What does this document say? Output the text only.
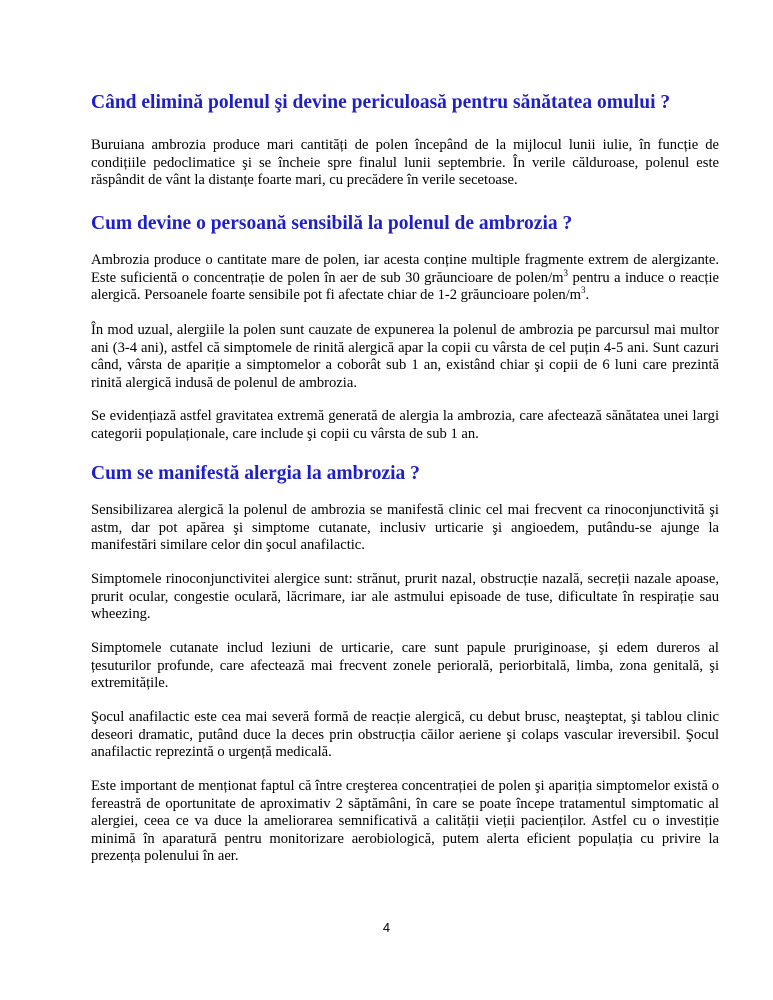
Când elimină polenul şi devine periculoasă pentru sănătatea omului ?

Buruiana ambrozia produce mari cantități de polen începând de la mijlocul lunii iulie, în funcție de condițiile pedoclimatice şi se încheie spre finalul lunii septembrie. În verile călduroase, polenul este răspândit de vânt la distanțe foarte mari, cu precădere în verile secetoase.

Cum devine o persoană sensibilă la polenul de ambrozia ?

Ambrozia produce o cantitate mare de polen, iar acesta conține multiple fragmente extrem de alergizante. Este suficientă o concentrație de polen în aer de sub 30 grăuncioare de polen/$m^3$ pentru a induce o reacție alergică. Persoanele foarte sensibile pot fi afectate chiar de 1-2 grăuncioare polen/$m^3$.

În mod uzual, alergiile la polen sunt cauzate de expunerea la polenul de ambrozia pe parcursul mai multor ani (3-4 ani), astfel că simptomele de rinită alergică apar la copii cu vârsta de cel puțin 4-5 ani. Sunt cazuri când, vârsta de apariție a simptomelor a coborât sub 1 an, existând chiar şi copii de 6 luni care prezintă rinită alergică indusă de polenul de ambrozia.

Se evidențiază astfel gravitatea extremă generată de alergia la ambrozia, care afectează sănătatea unei largi categorii populaționale, care include şi copii cu vârsta de sub 1 an.

Cum se manifestă alergia la ambrozia ?

Sensibilizarea alergică la polenul de ambrozia se manifestă clinic cel mai frecvent ca rinoconjunctivită şi astm, dar pot apărea şi simptome cutanate, inclusiv urticarie şi angioedem, putându-se ajunge la manifestări similare celor din şocul anafilactic.

Simptomele rinoconjunctivitei alergice sunt: strănut, prurit nazal, obstrucție nazală, secreții nazale apoase, prurit ocular, congestie oculară, lăcrimare, iar ale astmului episoade de tuse, dificultate în respirație sau wheezing.

Simptomele cutanate includ leziuni de urticarie, care sunt papule pruriginoase, şi edem dureros al țesuturilor profunde, care afectează mai frecvent zonele periorală, periorbitală, limba, zona genitală, şi extremitățile.

Şocul anafilactic este cea mai severă formă de reacție alergică, cu debut brusc, neaşteptat, şi tablou clinic deseori dramatic, putând duce la deces prin obstrucția căilor aeriene şi colaps vascular ireversibil. Şocul anafilactic reprezintă o urgență medicală.

Este important de menționat faptul că între creşterea concentrației de polen şi apariția simptomelor există o fereastră de oportunitate de aproximativ 2 săptămâni, în care se poate începe tratamentul simptomatic al alergiei, ceea ce va duce la ameliorarea semnificativă a calității vieții pacienților. Astfel cu o investiție minimă în aparatură pentru monitorizare aerobiologică, putem alerta eficient populația cu privire la prezența polenului în aer.

4
